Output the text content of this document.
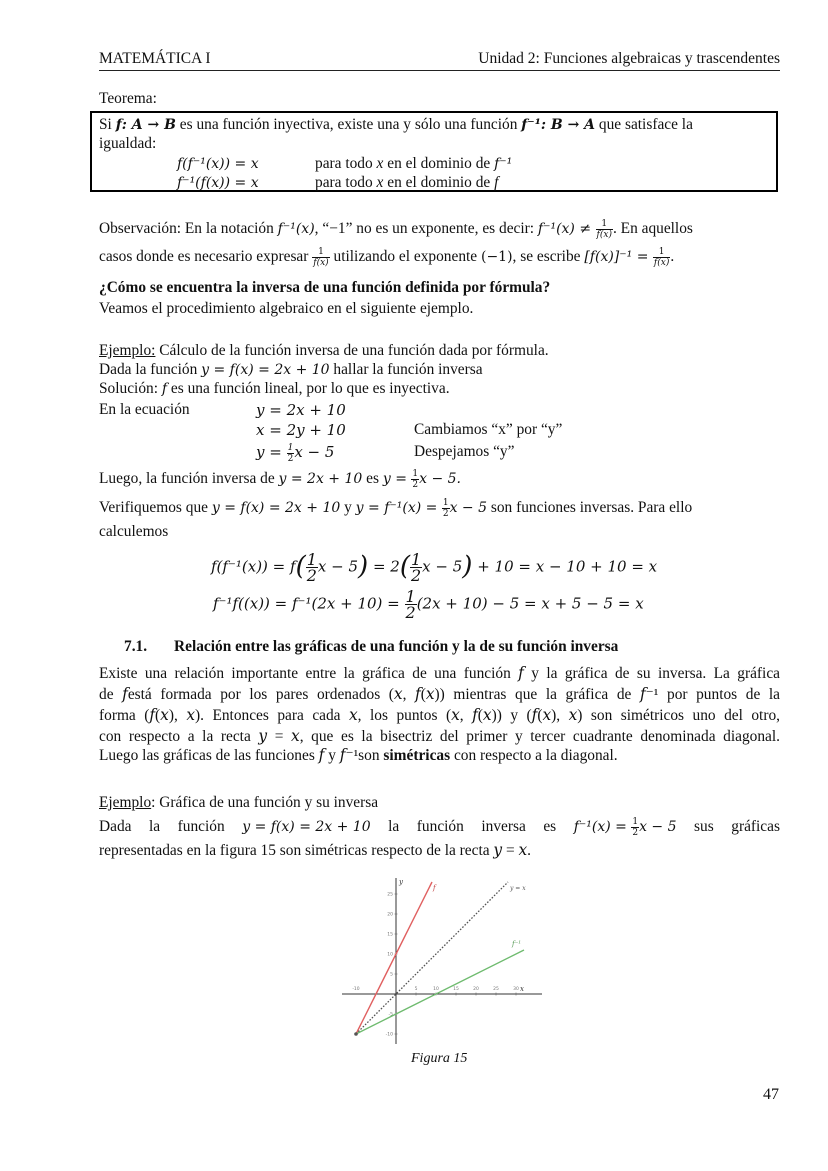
MATEMÁTICA I	Unidad 2: Funciones algebraicas y trascendentes
Teorema:
Si f: A → B es una función inyectiva, existe una y sólo una función f⁻¹: B → A que satisface la
igualdad:
f(f⁻¹(x)) = x	para todo x en el dominio de f⁻¹
f⁻¹(f(x)) = x	para todo x en el dominio de f
Observación: En la notación f⁻¹(x), “−1” no es un exponente, es decir: $f^{-1}(x) \ne \frac{1}{f(x)}$ . En aquellos
casos donde es necesario expresar $\frac{1}{f(x)}$ utilizando el exponente (−1), se escribe $[f(x)]^{-1} = \frac{1}{f(x)}$ .
¿Cómo se encuentra la inversa de una función definida por fórmula?
Veamos el procedimiento algebraico en el siguiente ejemplo.
Ejemplo: Cálculo de la función inversa de una función dada por fórmula.
Dada la función y = f(x) = 2x + 10 hallar la función inversa
Solución: f es una función lineal, por lo que es inyectiva.
En la ecuación	y = 2x + 10
x = 2y + 10	Cambiamos “x” por “y”
$y = \frac{1}{2}$ x − 5	Despejamos “y”
Luego, la función inversa de y = 2x + 10 es $y = \frac{1}{2}$ x − 5.
Verifiquemos que y = f(x) = 2x + 10 y $y = f^{-1}(x) = \frac{1}{2}$ x − 5 son funciones inversas. Para ello
calculemos
$f(f^{-1}(x)) = f( \frac{1}{2}$ $x - 5) = 2( \frac{1}{2}$ x − 5) + 10 = x − 10 + 10 = x
$f^{-1}f((x)) = f^{-1}(2x + 10) = \frac{1}{2} (2x + 10) - 5 = x + 5 - 5 = x$
7.1. Relación entre las gráficas de una función y la de su función inversa
Existe una relación importante entre la gráfica de una función 𝑓 y la gráfica de su inversa. La gráfica
de 𝑓está formada por los pares ordenados (𝑥, 𝑓(𝑥)) mientras que la gráfica de 𝑓⁻¹ por puntos de la
forma (𝑓(𝑥), 𝑥). Entonces para cada 𝑥, los puntos (𝑥, 𝑓(𝑥)) y (𝑓(𝑥), 𝑥) son simétricos uno del otro,
con respecto a la recta 𝑦 = 𝑥, que es la bisectriz del primer y tercer cuadrante denominada diagonal.
Luego las gráficas de las funciones 𝑓 y 𝑓⁻¹son simétricas con respecto a la diagonal.
Ejemplo: Gráfica de una función y su inversa
Dada la función y = f(x) = 2x + 10 la función inversa es $f^{-1}(x) = \frac{1}{2}$ x − 5 sus gráficas
representadas en la figura 15 son simétricas respecto de la recta 𝑦 = 𝑥.
5	10	15	20	25	30
-10
25
20
15
10
5
-5
-10
f
f⁻¹
y = x
x
y
Figura 15
47
